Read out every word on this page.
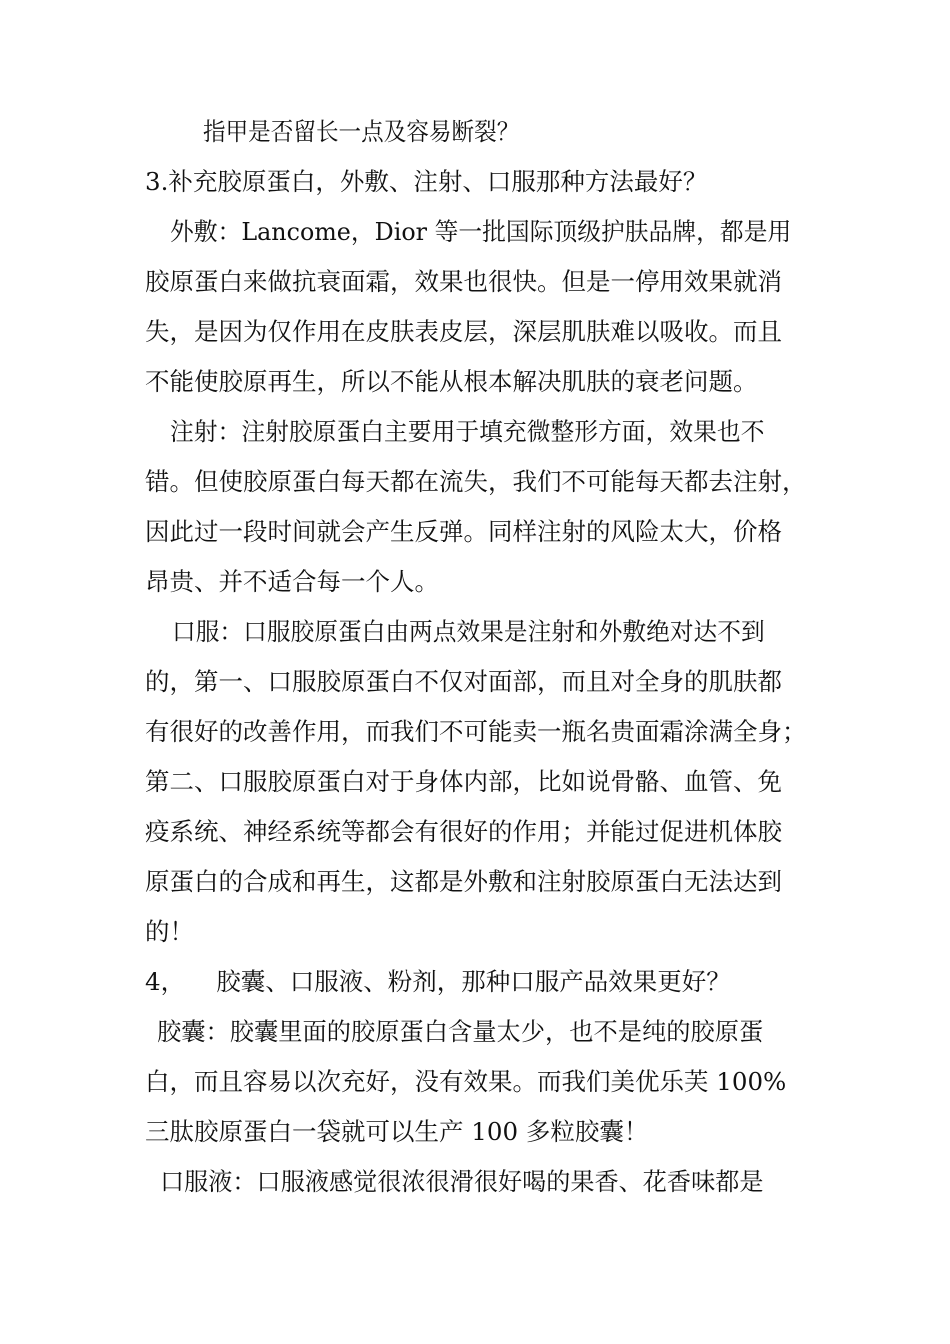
指甲是否留长一点及容易断裂？
3.补充胶原蛋白，外敷、注射、口服那种方法最好？
外敷：Lancome，Dior 等一批国际顶级护肤品牌，都是用
胶原蛋白来做抗衰面霜，效果也很快。但是一停用效果就消
失，是因为仅作用在皮肤表皮层，深层肌肤难以吸收。而且
不能使胶原再生，所以不能从根本解决肌肤的衰老问题。
注射：注射胶原蛋白主要用于填充微整形方面，效果也不
错。但使胶原蛋白每天都在流失，我们不可能每天都去注射，
因此过一段时间就会产生反弹。同样注射的风险太大，价格
昂贵、并不适合每一个人。
口服：口服胶原蛋白由两点效果是注射和外敷绝对达不到
的，第一、口服胶原蛋白不仅对面部，而且对全身的肌肤都
有很好的改善作用，而我们不可能卖一瓶名贵面霜涂满全身；
第二、口服胶原蛋白对于身体内部，比如说骨骼、血管、免
疫系统、神经系统等都会有很好的作用；并能过促进机体胶
原蛋白的合成和再生，这都是外敷和注射胶原蛋白无法达到
的！
4，    胶囊、口服液、粉剂，那种口服产品效果更好？
胶囊：胶囊里面的胶原蛋白含量太少，也不是纯的胶原蛋
白，而且容易以次充好，没有效果。而我们美优乐芙 100%
三肽胶原蛋白一袋就可以生产 100 多粒胶囊！
口服液：口服液感觉很浓很滑很好喝的果香、花香味都是
